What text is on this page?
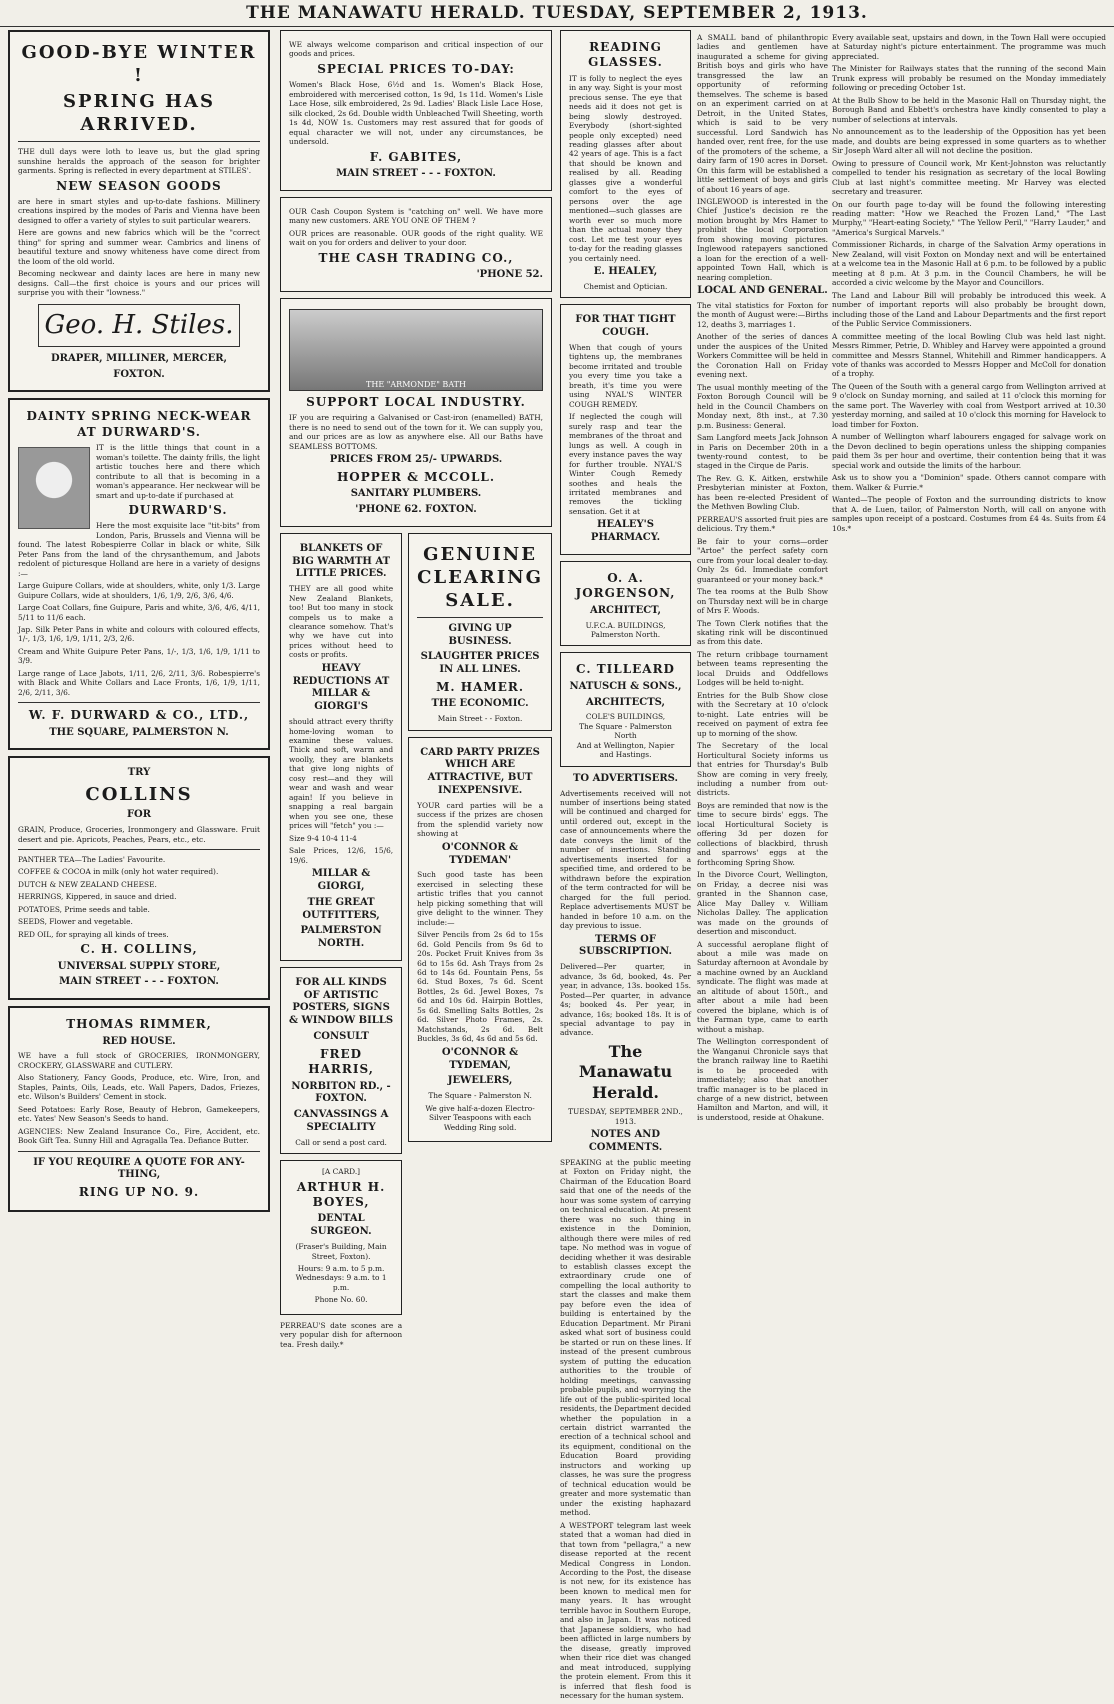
THE MANAWATU HERALD. TUESDAY, SEPTEMBER 2, 1913.
GOOD-BYE WINTER !
SPRING HAS ARRIVED.

THE dull days were loth to leave us, but the glad spring sunshine heralds the approach of the season for brighter garments. Spring is reflected in every department at STILES'.

NEW SEASON GOODS

are here in smart styles and up-to-date fashions. Millinery creations inspired by the modes of Paris and Vienna have been designed to offer a variety of styles to suit particular wearers.

Here are gowns and new fabrics which will be the "correct thing" for spring and summer wear. Cambrics and linens of beautiful texture and snowy whiteness have come direct from the loom of the old world.

Becoming neckwear and dainty laces are here in many new designs. Call—the first choice is yours and our prices will surprise you with their "lowness."

Geo. H. Stiles.
DRAPER, MILLINER, MERCER,
FOXTON.
DAINTY SPRING NECK-WEAR AT DURWARD'S.

IT is the little things that count in a woman's toilette. The dainty frills, the light artistic touches here and there which contribute to all that is becoming in a woman's appearance. Her neckwear will be smart and up-to-date if purchased at

DURWARD'S.

Here the most exquisite lace "tit-bits" from London, Paris, Brussels and Vienna will be found. The latest Robespierre Collar in black or white, Silk Peter Pans from the land of the chrysanthemum, and Jabots redolent of picturesque Holland are here in a variety of designs :—

Large Guipure Collars, wide at shoulders, white, only 1/3. Large Guipure Collars, wide at shoulders, 1/6, 1/9, 2/6, 3/6, 4/6.

Large Coat Collars, fine Guipure, Paris and white, 3/6, 4/6, 4/11, 5/11 to 11/6 each.

Jap. Silk Peter Pans in white and colours with coloured effects, 1/-, 1/3, 1/6, 1/9, 1/11, 2/3, 2/6.

Cream and White Guipure Peter Pans, 1/-, 1/3, 1/6, 1/9, 1/11 to 3/9.

Large range of Lace Jabots, 1/11, 2/6, 2/11, 3/6. Robespierre's with Black and White Collars and Lace Fronts, 1/6, 1/9, 1/11, 2/6, 2/11, 3/6.

W. F. DURWARD & CO., LTD.,
THE SQUARE, PALMERSTON N.
TRY
COLLINS
FOR

GRAIN, Produce, Groceries, Ironmongery and Glassware. Fruit desert and pie. Apricots, Peaches, Pears, etc., etc.

PANTHER TEA—The Ladies' Favourite.

COFFEE & COCOA in milk (only hot water required).

DUTCH & NEW ZEALAND CHEESE.

HERRINGS, Kippered, in sauce and dried.

POTATOES, Prime seeds and table.

SEEDS, Flower and vegetable.

RED OIL, for spraying all kinds of trees.

C. H. COLLINS,
UNIVERSAL SUPPLY STORE,
MAIN STREET - - - FOXTON.
THOMAS RIMMER,
RED HOUSE.

WE have a full stock of GROCERIES, IRONMONGERY, CROCKERY, GLASSWARE and CUTLERY.

Also Stationery, Fancy Goods, Produce, etc. Wire, Iron, and Staples, Paints, Oils, Leads, etc. Wall Papers, Dados, Friezes, etc. Wilson's Builders' Cement in stock.

Seed Potatoes: Early Rose, Beauty of Hebron, Gamekeepers, etc. Yates' New Season's Seeds to hand.

AGENCIES: New Zealand Insurance Co., Fire, Accident, etc. Book Gift Tea. Sunny Hill and Agragalla Tea. Defiance Butter.

IF YOU REQUIRE A QUOTE FOR ANY-THING,
RING UP NO. 9.

WE always welcome comparison and critical inspection of our goods and prices.

SPECIAL PRICES TO-DAY:

Women's Black Hose, 6½d and 1s. Women's Black Hose, embroidered with mercerised cotton, 1s 9d, 1s 11d. Women's Lisle Lace Hose, silk embroidered, 2s 9d. Ladies' Black Lisle Lace Hose, silk clocked, 2s 6d. Double width Unbleached Twill Sheeting, worth 1s 4d, NOW 1s. Customers may rest assured that for goods of equal character we will not, under any circumstances, be undersold.

F. GABITES,
MAIN STREET - - - FOXTON.

OUR Cash Coupon System is "catching on" well. We have more many new customers. ARE YOU ONE OF THEM ?

OUR prices are reasonable. OUR goods of the right quality. WE wait on you for orders and deliver to your door.

THE CASH TRADING CO.,
'PHONE 52.
THE "ARMONDE" BATH
SUPPORT LOCAL INDUSTRY.

IF you are requiring a Galvanised or Cast-iron (enamelled) BATH, there is no need to send out of the town for it. We can supply you, and our prices are as low as anywhere else. All our Baths have SEAMLESS BOTTOMS.

PRICES FROM 25/- UPWARDS.
HOPPER & MCCOLL.
SANITARY PLUMBERS.
'PHONE 62. FOXTON.
BLANKETS OF BIG WARMTH AT LITTLE PRICES.

THEY are all good white New Zealand Blankets, too! But too many in stock compels us to make a clearance somehow. That's why we have cut into prices without heed to costs or profits.

HEAVY REDUCTIONS AT MILLAR & GIORGI'S

should attract every thrifty home-loving woman to examine these values. Thick and soft, warm and woolly, they are blankets that give long nights of cosy rest—and they will wear and wash and wear again! If you believe in snapping a real bargain when you see one, these prices will "fetch" you :—

Size 9-4 10-4 11-4

Sale Prices, 12/6, 15/6, 19/6.

MILLAR & GIORGI,
THE GREAT OUTFITTERS,
PALMERSTON NORTH.
FOR ALL KINDS OF ARTISTIC POSTERS, SIGNS & WINDOW BILLS
CONSULT
FRED HARRIS,
NORBITON RD., - FOXTON.
CANVASSINGS A SPECIALITY
Call or send a post card.
[A CARD.]
ARTHUR H. BOYES,
DENTAL SURGEON.

(Fraser's Building, Main Street, Foxton).

Hours: 9 a.m. to 5 p.m. Wednesdays: 9 a.m. to 1 p.m.

Phone No. 60.

PERREAU'S date scones are a very popular dish for afternoon tea. Fresh daily.*

GENUINE CLEARING SALE.
GIVING UP BUSINESS.
SLAUGHTER PRICES IN ALL LINES.
M. HAMER.
THE ECONOMIC.
Main Street - - Foxton.
CARD PARTY PRIZES WHICH ARE ATTRACTIVE, BUT INEXPENSIVE.

YOUR card parties will be a success if the prizes are chosen from the splendid variety now showing at

O'CONNOR & TYDEMAN'

Such good taste has been exercised in selecting these artistic trifles that you cannot help picking something that will give delight to the winner. They include:—

Silver Pencils from 2s 6d to 15s 6d. Gold Pencils from 9s 6d to 20s. Pocket Fruit Knives from 3s 6d to 15s 6d. Ash Trays from 2s 6d to 14s 6d. Fountain Pens, 5s 6d. Stud Boxes, 7s 6d. Scent Bottles, 2s 6d. Jewel Boxes, 7s 6d and 10s 6d. Hairpin Bottles, 5s 6d. Smelling Salts Bottles, 2s 6d. Silver Photo Frames, 2s. Matchstands, 2s 6d. Belt Buckles, 3s 6d, 4s 6d and 5s 6d.

O'CONNOR & TYDEMAN,
JEWELERS,
The Square - Palmerston N.

We give half-a-dozen Electro-Silver Teaspoons with each Wedding Ring sold.

READING GLASSES.

IT is folly to neglect the eyes in any way. Sight is your most precious sense. The eye that needs aid it does not get is being slowly destroyed. Everybody (short-sighted people only excepted) need reading glasses after about 42 years of age. This is a fact that should be known and realised by all. Reading glasses give a wonderful comfort to the eyes of persons over the age mentioned—such glasses are worth ever so much more than the actual money they cost. Let me test your eyes to-day for the reading glasses you certainly need.

E. HEALEY,
Chemist and Optician.
FOR THAT TIGHT COUGH.

When that cough of yours tightens up, the membranes become irritated and trouble you every time you take a breath, it's time you were using NYAL'S WINTER COUGH REMEDY.

If neglected the cough will surely rasp and tear the membranes of the throat and lungs as well. A cough in every instance paves the way for further trouble. NYAL'S Winter Cough Remedy soothes and heals the irritated membranes and removes the tickling sensation. Get it at

HEALEY'S PHARMACY.
O. A. JORGENSON,
ARCHITECT,
U.F.C.A. BUILDINGS,
Palmerston North.
C. TILLEARD
NATUSCH & SONS.,
ARCHITECTS,
COLE'S BUILDINGS,
The Square - Palmerston North
And at Wellington, Napier and Hastings.
TO ADVERTISERS.

Advertisements received will not number of insertions being stated will be continued and charged for until ordered out, except in the case of announcements where the date conveys the limit of the number of insertions. Standing advertisements inserted for a specified time, and ordered to be withdrawn before the expiration of the term contracted for will be charged for the full period. Replace advertisements MUST be handed in before 10 a.m. on the day previous to issue.

TERMS OF SUBSCRIPTION.

Delivered—Per quarter, in advance, 3s 6d, booked, 4s. Per year, in advance, 13s. booked 15s. Posted—Per quarter, in advance 4s; booked 4s. Per year, in advance, 16s; booked 18s. It is of special advantage to pay in advance.

The Manawatu Herald.
TUESDAY, SEPTEMBER 2ND., 1913.
NOTES AND COMMENTS.

SPEAKING at the public meeting at Foxton on Friday night, the Chairman of the Education Board said that one of the needs of the hour was some system of carrying on technical education. At present there was no such thing in existence in the Dominion, although there were miles of red tape. No method was in vogue of deciding whether it was desirable to establish classes except the extraordinary crude one of compelling the local authority to start the classes and make them pay before even the idea of building is entertained by the Education Department. Mr Pirani asked what sort of business could be started or run on these lines. If instead of the present cumbrous system of putting the education authorities to the trouble of holding meetings, canvassing probable pupils, and worrying the life out of the public-spirited local residents, the Department decided whether the population in a certain district warranted the erection of a technical school and its equipment, conditional on the Education Board providing instructors and working up classes, he was sure the progress of technical education would be greater and more systematic than under the existing haphazard method.

A WESTPORT telegram last week stated that a woman had died in that town from "pellagra," a new disease reported at the recent Medical Congress in London. According to the Post, the disease is not new, for its existence has been known to medical men for many years. It has wrought terrible havoc in Southern Europe, and also in Japan. It was noticed that Japanese soldiers, who had been afflicted in large numbers by the disease, greatly improved when their rice diet was changed and meat introduced, supplying the protein element. From this it is inferred that flesh food is necessary for the human system.

A SMALL band of philanthropic ladies and gentlemen have inaugurated a scheme for giving British boys and girls who have transgressed the law an opportunity of reforming themselves. The scheme is based on an experiment carried on at Detroit, in the United States, which is said to be very successful. Lord Sandwich has handed over, rent free, for the use of the promoters of the scheme, a dairy farm of 190 acres in Dorset. On this farm will be established a little settlement of boys and girls of about 16 years of age.

INGLEWOOD is interested in the Chief Justice's decision re the motion brought by Mrs Hamer to prohibit the local Corporation from showing moving pictures. Inglewood ratepayers sanctioned a loan for the erection of a well-appointed Town Hall, which is nearing completion.

LOCAL AND GENERAL.

The vital statistics for Foxton for the month of August were:—Births 12, deaths 3, marriages 1.

Another of the series of dances under the auspices of the United Workers Committee will be held in the Coronation Hall on Friday evening next.

The usual monthly meeting of the Foxton Borough Council will be held in the Council Chambers on Monday next, 8th inst., at 7.30 p.m. Business: General.

Sam Langford meets Jack Johnson in Paris on December 20th in a twenty-round contest, to be staged in the Cirque de Paris.

The Rev. G. K. Aitken, erstwhile Presbyterian minister at Foxton, has been re-elected President of the Methven Bowling Club.

PERREAU'S assorted fruit pies are delicious. Try them.*

Be fair to your corns—order "Artoe" the perfect safety corn cure from your local dealer to-day. Only 2s 6d. Immediate comfort guaranteed or your money back.*

The tea rooms at the Bulb Show on Thursday next will be in charge of Mrs F. Woods.

The Town Clerk notifies that the skating rink will be discontinued as from this date.

The return cribbage tournament between teams representing the local Druids and Oddfellows Lodges will be held to-night.

Entries for the Bulb Show close with the Secretary at 10 o'clock to-night. Late entries will be received on payment of extra fee up to morning of the show.

The Secretary of the local Horticultural Society informs us that entries for Thursday's Bulb Show are coming in very freely, including a number from out-districts.

Boys are reminded that now is the time to secure birds' eggs. The local Horticultural Society is offering 3d per dozen for collections of blackbird, thrush and sparrows' eggs at the forthcoming Spring Show.

In the Divorce Court, Wellington, on Friday, a decree nisi was granted in the Shannon case, Alice May Dalley v. William Nicholas Dalley. The application was made on the grounds of desertion and misconduct.

A successful aeroplane flight of about a mile was made on Saturday afternoon at Avondale by a machine owned by an Auckland syndicate. The flight was made at an altitude of about 150ft., and after about a mile had been covered the biplane, which is of the Farman type, came to earth without a mishap.

The Wellington correspondent of the Wanganui Chronicle says that the branch railway line to Raetihi is to be proceeded with immediately; also that another traffic manager is to be placed in charge of a new district, between Hamilton and Marton, and will, it is understood, reside at Ohakune.

Every available seat, upstairs and down, in the Town Hall were occupied at Saturday night's picture entertainment. The programme was much appreciated.

The Minister for Railways states that the running of the second Main Trunk express will probably be resumed on the Monday immediately following or preceding October 1st.

At the Bulb Show to be held in the Masonic Hall on Thursday night, the Borough Band and Ebbett's orchestra have kindly consented to play a number of selections at intervals.

No announcement as to the leadership of the Opposition has yet been made, and doubts are being expressed in some quarters as to whether Sir Joseph Ward alter all will not decline the position.

Owing to pressure of Council work, Mr Kent-Johnston was reluctantly compelled to tender his resignation as secretary of the local Bowling Club at last night's committee meeting. Mr Harvey was elected secretary and treasurer.

On our fourth page to-day will be found the following interesting reading matter: "How we Reached the Frozen Land," "The Last Murphy," "Heart-eating Society," "The Yellow Peril," "Harry Lauder," and "America's Surgical Marvels."

Commissioner Richards, in charge of the Salvation Army operations in New Zealand, will visit Foxton on Monday next and will be entertained at a welcome tea in the Masonic Hall at 6 p.m. to be followed by a public meeting at 8 p.m. At 3 p.m. in the Council Chambers, he will be accorded a civic welcome by the Mayor and Councillors.

The Land and Labour Bill will probably be introduced this week. A number of important reports will also probably be brought down, including those of the Land and Labour Departments and the first report of the Public Service Commissioners.

A committee meeting of the local Bowling Club was held last night. Messrs Rimmer, Petrie, D. Whibley and Harvey were appointed a ground committee and Messrs Stannel, Whitehill and Rimmer handicappers. A vote of thanks was accorded to Messrs Hopper and McColl for donation of a trophy.

The Queen of the South with a general cargo from Wellington arrived at 9 o'clock on Sunday morning, and sailed at 11 o'clock this morning for the same port. The Waverley with coal from Westport arrived at 10.30 yesterday morning, and sailed at 10 o'clock this morning for Havelock to load timber for Foxton.

A number of Wellington wharf labourers engaged for salvage work on the Devon declined to begin operations unless the shipping companies paid them 3s per hour and overtime, their contention being that it was special work and outside the limits of the harbour.

Ask us to show you a "Dominion" spade. Others cannot compare with them. Walker & Furrie.*

Wanted—The people of Foxton and the surrounding districts to know that A. de Luen, tailor, of Palmerston North, will call on anyone with samples upon receipt of a postcard. Costumes from £4 4s. Suits from £4 10s.*
